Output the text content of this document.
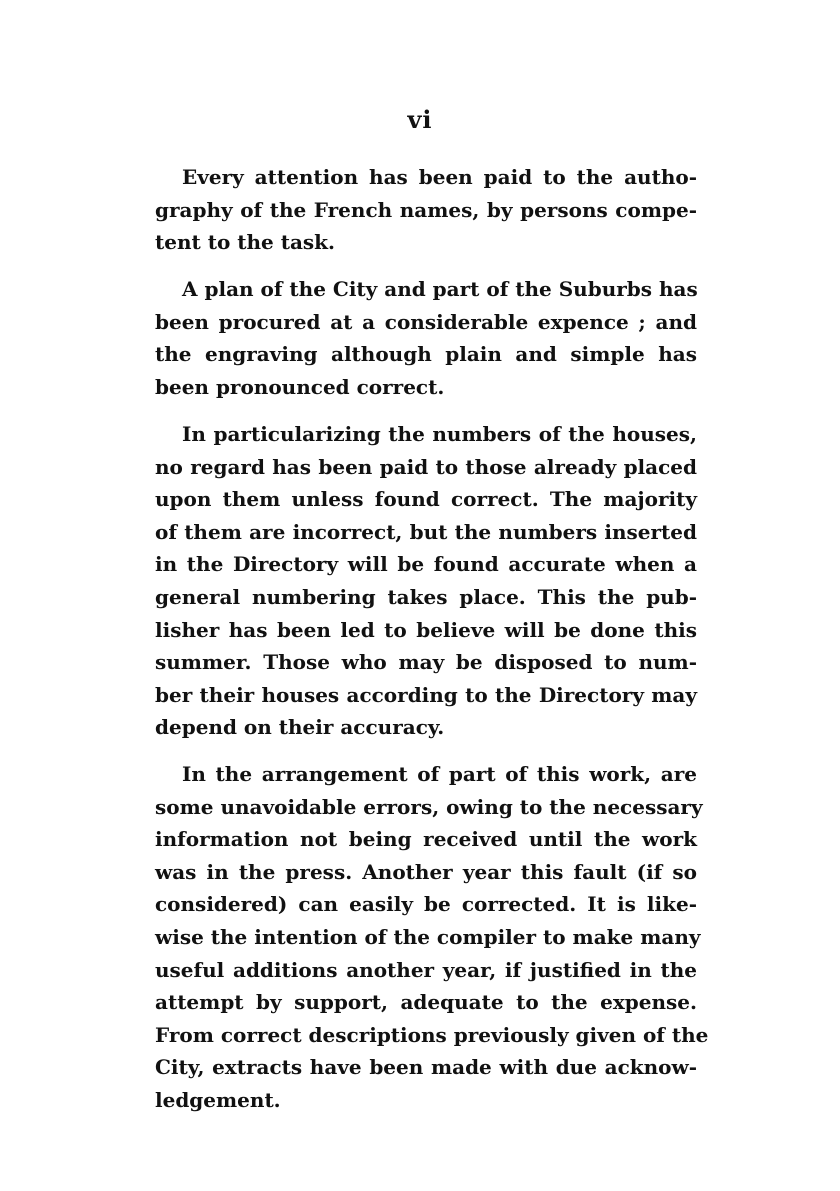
vi
Every attention has been paid to the autho-
graphy of the French names, by persons compe-
tent to the task.
A plan of the City and part of the Suburbs has
been procured at a considerable expence ; and
the engraving although plain and simple has
been pronounced correct.
In particularizing the numbers of the houses,
no regard has been paid to those already placed
upon them unless found correct. The majority
of them are incorrect, but the numbers inserted
in the Directory will be found accurate when a
general numbering takes place. This the pub-
lisher has been led to believe will be done this
summer. Those who may be disposed to num-
ber their houses according to the Directory may
depend on their accuracy.
In the arrangement of part of this work, are
some unavoidable errors, owing to the necessary
information not being received until the work
was in the press. Another year this fault (if so
considered) can easily be corrected. It is like-
wise the intention of the compiler to make many
useful additions another year, if justified in the
attempt by support, adequate to the expense.
From correct descriptions previously given of the
City, extracts have been made with due acknow-
ledgement.
